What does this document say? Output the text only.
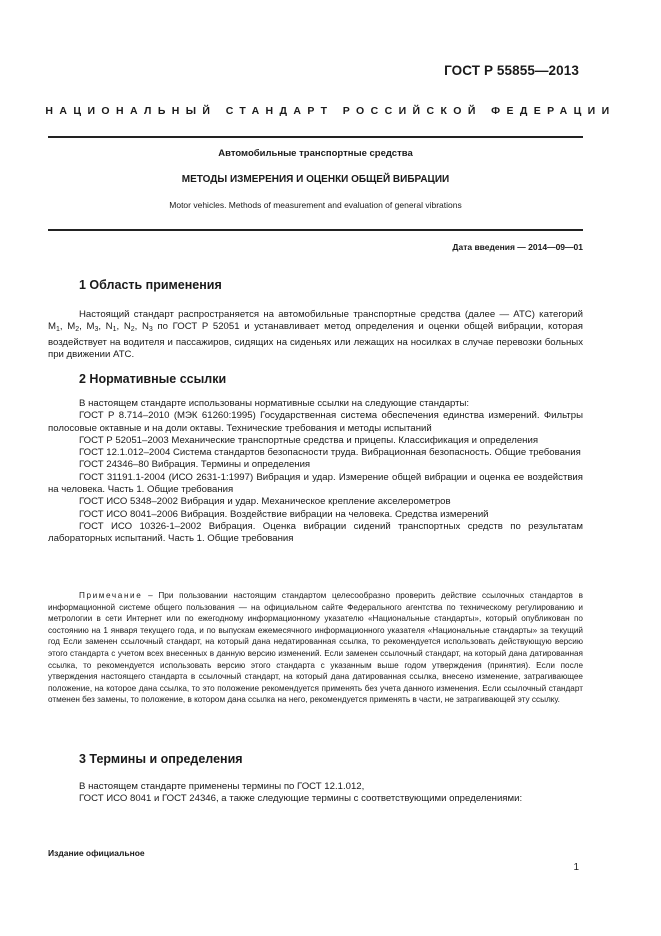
ГОСТ Р 55855—2013
НАЦИОНАЛЬНЫЙ СТАНДАРТ РОССИЙСКОЙ ФЕДЕРАЦИИ
Автомобильные транспортные средства
МЕТОДЫ ИЗМЕРЕНИЯ И ОЦЕНКИ ОБЩЕЙ ВИБРАЦИИ
Motor vehicles. Methods of measurement and evaluation of general vibrations
Дата введения — 2014—09—01
1 Область применения
Настоящий стандарт распространяется на автомобильные транспортные средства (далее — АТС) категорий $M_1$, $M_2$, $M_3$, $N_1$, $N_2$, $N_3$ по ГОСТ Р 52051 и устанавливает метод определения и оценки общей вибрации, которая воздействует на водителя и пассажиров, сидящих на сиденьях или лежащих на носилках в случае перевозки больных при движении АТС.
2 Нормативные ссылки
В настоящем стандарте использованы нормативные ссылки на следующие стандарты:
ГОСТ Р 8.714–2010 (МЭК 61260:1995) Государственная система обеспечения единства измерений. Фильтры полосовые октавные и на доли октавы. Технические требования и методы испытаний
ГОСТ Р 52051–2003 Механические транспортные средства и прицепы. Классификация и определения
ГОСТ 12.1.012–2004 Система стандартов безопасности труда. Вибрационная безопасность. Общие требования
ГОСТ 24346–80 Вибрация. Термины и определения
ГОСТ 31191.1-2004 (ИСО 2631-1:1997) Вибрация и удар. Измерение общей вибрации и оценка ее воздействия на человека. Часть 1. Общие требования
ГОСТ ИСО 5348–2002 Вибрация и удар. Механическое крепление акселерометров
ГОСТ ИСО 8041–2006 Вибрация. Воздействие вибрации на человека. Средства измерений
ГОСТ ИСО 10326-1–2002 Вибрация. Оценка вибрации сидений транспортных средств по результатам лабораторных испытаний. Часть 1. Общие требования
Примечание – При пользовании настоящим стандартом целесообразно проверить действие ссылочных стандартов в информационной системе общего пользования — на официальном сайте Федерального агентства по техническому регулированию и метрологии в сети Интернет или по ежегодному информационному указателю «Национальные стандарты», который опубликован по состоянию на 1 января текущего года, и по выпускам ежемесячного информационного указателя «Национальные стандарты» за текущий год Если заменен ссылочный стандарт, на который дана недатированная ссылка, то рекомендуется использовать действующую версию этого стандарта с учетом всех внесенных в данную версию изменений. Если заменен ссылочный стандарт, на который дана датированная ссылка, то рекомендуется использовать версию этого стандарта с указанным выше годом утверждения (принятия). Если после утверждения настоящего стандарта в ссылочный стандарт, на который дана датированная ссылка, внесено изменение, затрагивающее положение, на которое дана ссылка, то это положение рекомендуется применять без учета данного изменения. Если ссылочный стандарт отменен без замены, то положение, в котором дана ссылка на него, рекомендуется применять в части, не затрагивающей эту ссылку.
3 Термины и определения
В настоящем стандарте применены термины по ГОСТ 12.1.012,
ГОСТ ИСО 8041 и ГОСТ 24346, а также следующие термины с соответствующими определениями:
Издание официальное
1
